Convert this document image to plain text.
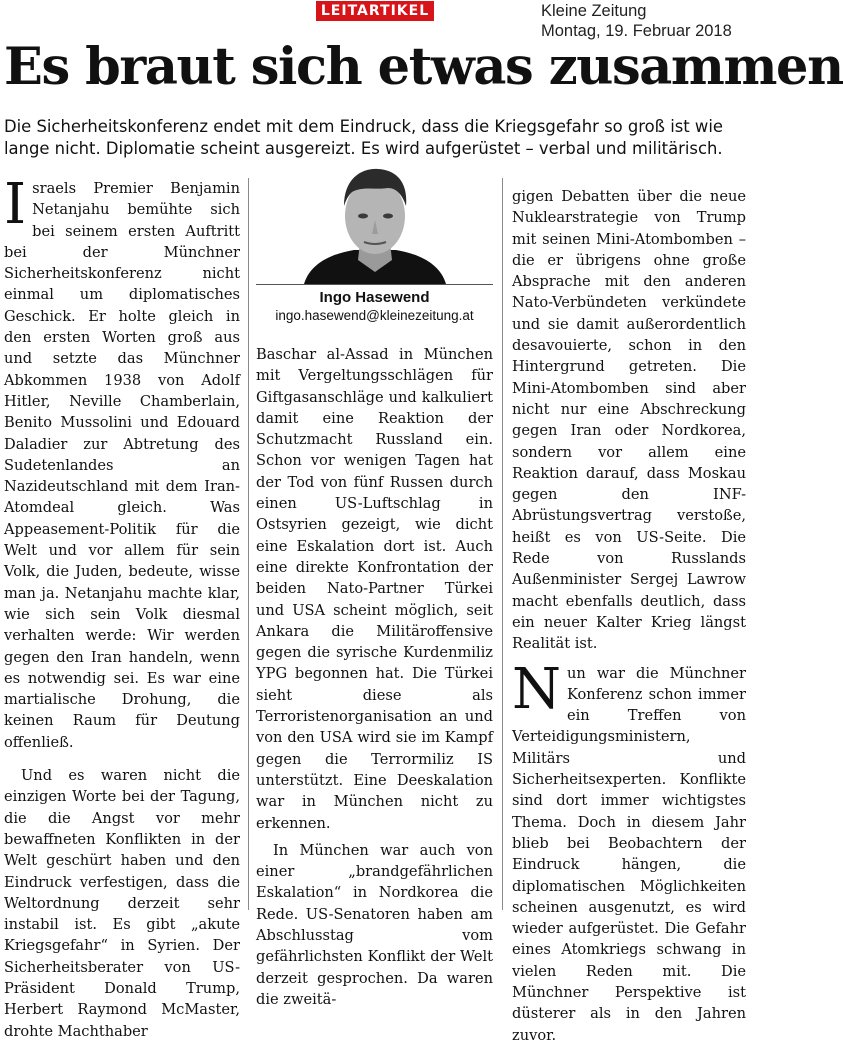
LEITARTIKEL	Kleine Zeitung
Montag, 19. Februar 2018
Es braut sich etwas zusammen
Die Sicherheitskonferenz endet mit dem Eindruck, dass die Kriegsgefahr so groß ist wie lange nicht. Diplomatie scheint ausgereizt. Es wird aufgerüstet – verbal und militärisch.

Israels Premier Benjamin Netanjahu bemühte sich bei seinem ersten Auftritt bei der Münchner Sicherheitskonferenz nicht einmal um diplomatisches Geschick. Er holte gleich in den ersten Worten groß aus und setzte das Münchner Abkommen 1938 von Adolf Hitler, Neville Chamberlain, Benito Mussolini und Edouard Daladier zur Abtretung des Sudetenlandes an Nazideutschland mit dem Iran-Atomdeal gleich. Was Appeasement-Politik für die Welt und vor allem für sein Volk, die Juden, bedeute, wisse man ja. Netanjahu machte klar, wie sich sein Volk diesmal verhalten werde: Wir werden gegen den Iran handeln, wenn es notwendig sei. Es war eine martialische Drohung, die keinen Raum für Deutung offenließ.

Und es waren nicht die einzigen Worte bei der Tagung, die die Angst vor mehr bewaffneten Konflikten in der Welt geschürt haben und den Eindruck verfestigen, dass die Weltordnung derzeit sehr instabil ist. Es gibt „akute Kriegsgefahr“ in Syrien. Der Sicherheitsberater von US-Präsident Donald Trump, Herbert Raymond McMaster, drohte Machthaber

Ingo Hasewend
ingo.hasewend@kleinezeitung.at

Baschar al-Assad in München mit Vergeltungsschlägen für Giftgasanschläge und kalkuliert damit eine Reaktion der Schutzmacht Russland ein. Schon vor wenigen Tagen hat der Tod von fünf Russen durch einen US-Luftschlag in Ostsyrien gezeigt, wie dicht eine Eskalation dort ist. Auch eine direkte Konfrontation der beiden Nato-Partner Türkei und USA scheint möglich, seit Ankara die Militäroffensive gegen die syrische Kurdenmiliz YPG begonnen hat. Die Türkei sieht diese als Terroristenorganisation an und von den USA wird sie im Kampf gegen die Terrormiliz IS unterstützt. Eine Deeskalation war in München nicht zu erkennen.

In München war auch von einer „brandgefährlichen Eskalation“ in Nordkorea die Rede. US-Senatoren haben am Abschlusstag vom gefährlichsten Konflikt der Welt derzeit gesprochen. Da waren die zweitä-

gigen Debatten über die neue Nuklearstrategie von Trump mit seinen Mini-Atombomben – die er übrigens ohne große Absprache mit den anderen Nato-Verbündeten verkündete und sie damit außerordentlich desavouierte, schon in den Hintergrund getreten. Die Mini-Atombomben sind aber nicht nur eine Abschreckung gegen Iran oder Nordkorea, sondern vor allem eine Reaktion darauf, dass Moskau gegen den INF-Abrüstungsvertrag verstoße, heißt es von US-Seite. Die Rede von Russlands Außenminister Sergej Lawrow macht ebenfalls deutlich, dass ein neuer Kalter Krieg längst Realität ist.

Nun war die Münchner Konferenz schon immer ein Treffen von Verteidigungsministern, Militärs und Sicherheitsexperten. Konflikte sind dort immer wichtigstes Thema. Doch in diesem Jahr blieb bei Beobachtern der Eindruck hängen, die diplomatischen Möglichkeiten scheinen ausgenutzt, es wird wieder aufgerüstet. Die Gefahr eines Atomkriegs schwang in vielen Reden mit. Die Münchner Perspektive ist düsterer als in den Jahren zuvor.
